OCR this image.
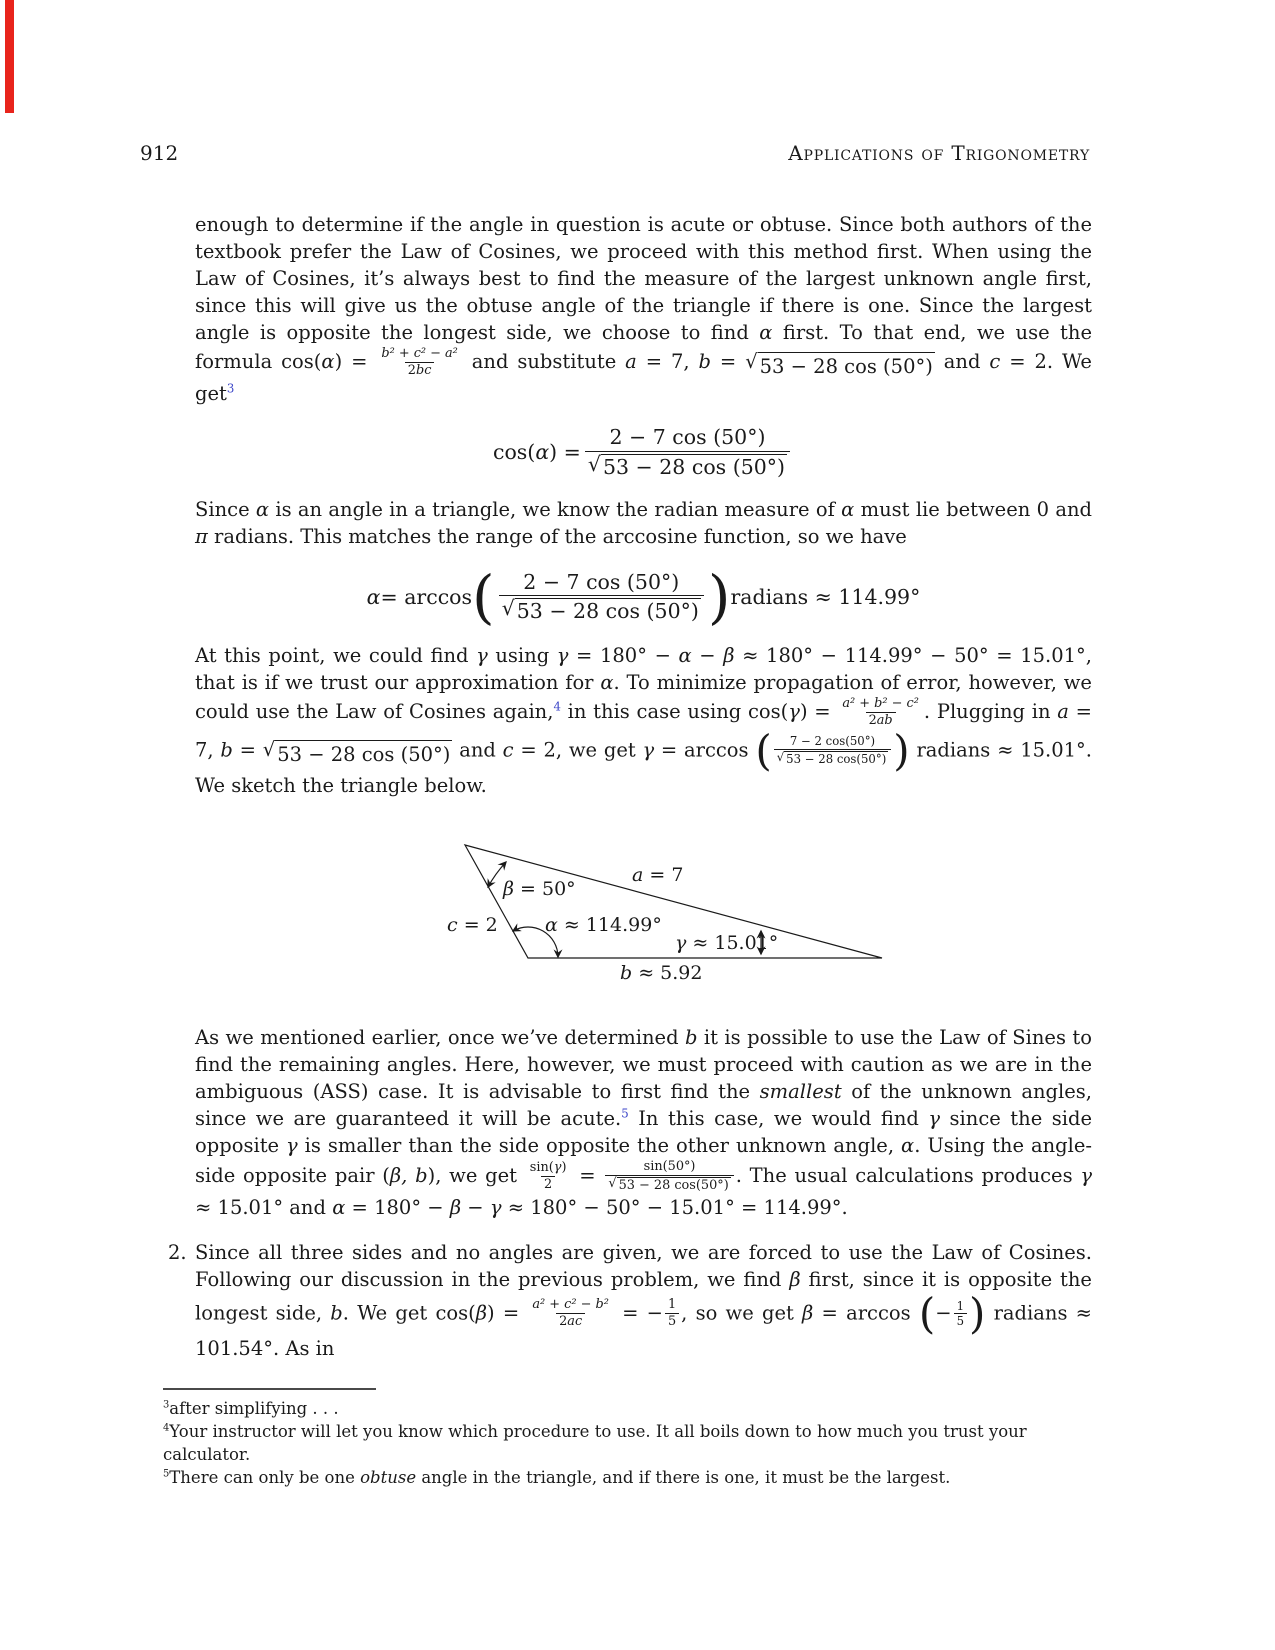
912	Applications of Trigonometry

enough to determine if the angle in question is acute or obtuse. Since both authors of the textbook prefer the Law of Cosines, we proceed with this method first. When using the Law of Cosines, it’s always best to find the measure of the largest unknown angle first, since this will give us the obtuse angle of the triangle if there is one. Since the largest angle is opposite the longest side, we choose to find α first. To that end, we use the formula $\cos(\alpha) = \frac{\text{b² + c² − a²}}{2bc}$ and substitute a = 7, b = √ 53 − 28 cos (50°) and c = 2. We get$^3$

cos( α ) = $\frac{2 - 7 \cos (50^\circ)}{√ 53 - 28 \cos (50^\circ)}$

Since α is an angle in a triangle, we know the radian measure of α must lie between 0 and π radians. This matches the range of the arccosine function, so we have

α = arccos ( $\frac{2 - 7 \cos (50^\circ)}{√ 53 - 28 \cos (50^\circ)}$ ) radians ≈ 114.99°

At this point, we could find γ using γ = 180° − α − β ≈ 180° − 114.99° − 50° = 15.01°, that is if we trust our approximation for α. To minimize propagation of error, however, we could use the Law of Cosines again,$^4$ in this case using $\cos(\gamma) = \frac{\text{a² + b² − c²}}{2ab}$ . Plugging in a = 7, b = √ 53 − 28 cos (50°) and c = 2, we get γ = arccos ( $\frac{7 - 2 \cos(50^\circ)}{√ 53 - 28 \cos(50^\circ)}$ ) radians ≈ 15.01°. We sketch the triangle below.

β = 50°
a = 7
c = 2 α ≈ 114.99°
γ ≈ 15.01°
b ≈ 5.92

As we mentioned earlier, once we’ve determined b it is possible to use the Law of Sines to find the remaining angles. Here, however, we must proceed with caution as we are in the ambiguous (ASS) case. It is advisable to first find the smallest of the unknown angles, since we are guaranteed it will be acute.$^5$ In this case, we would find γ since the side opposite γ is smaller than the side opposite the other unknown angle, α. Using the angle-side opposite pair (β, b), we get $\frac{\sin(\gamma)}{2} = \frac{\sin(50^\circ)}{√ 53 - 28 \cos(50^\circ)}$ . The usual calculations produces γ ≈ 15.01° and α = 180° − β − γ ≈ 180° − 50° − 15.01° = 114.99°.

2. Since all three sides and no angles are given, we are forced to use the Law of Cosines. Following our discussion in the previous problem, we find β first, since it is opposite the longest side, b. We get $\cos(\beta) = \frac{\text{a² + c² − b²}}{2ac}$ = − $\frac{1}{5}$ , so we get β = arccos ( − $\frac{1}{5}$ ) radians ≈ 101.54°. As in

$^3$after simplifying . . .
$^4$Your instructor will let you know which procedure to use. It all boils down to how much you trust your calculator.
$^5$There can only be one obtuse angle in the triangle, and if there is one, it must be the largest.
